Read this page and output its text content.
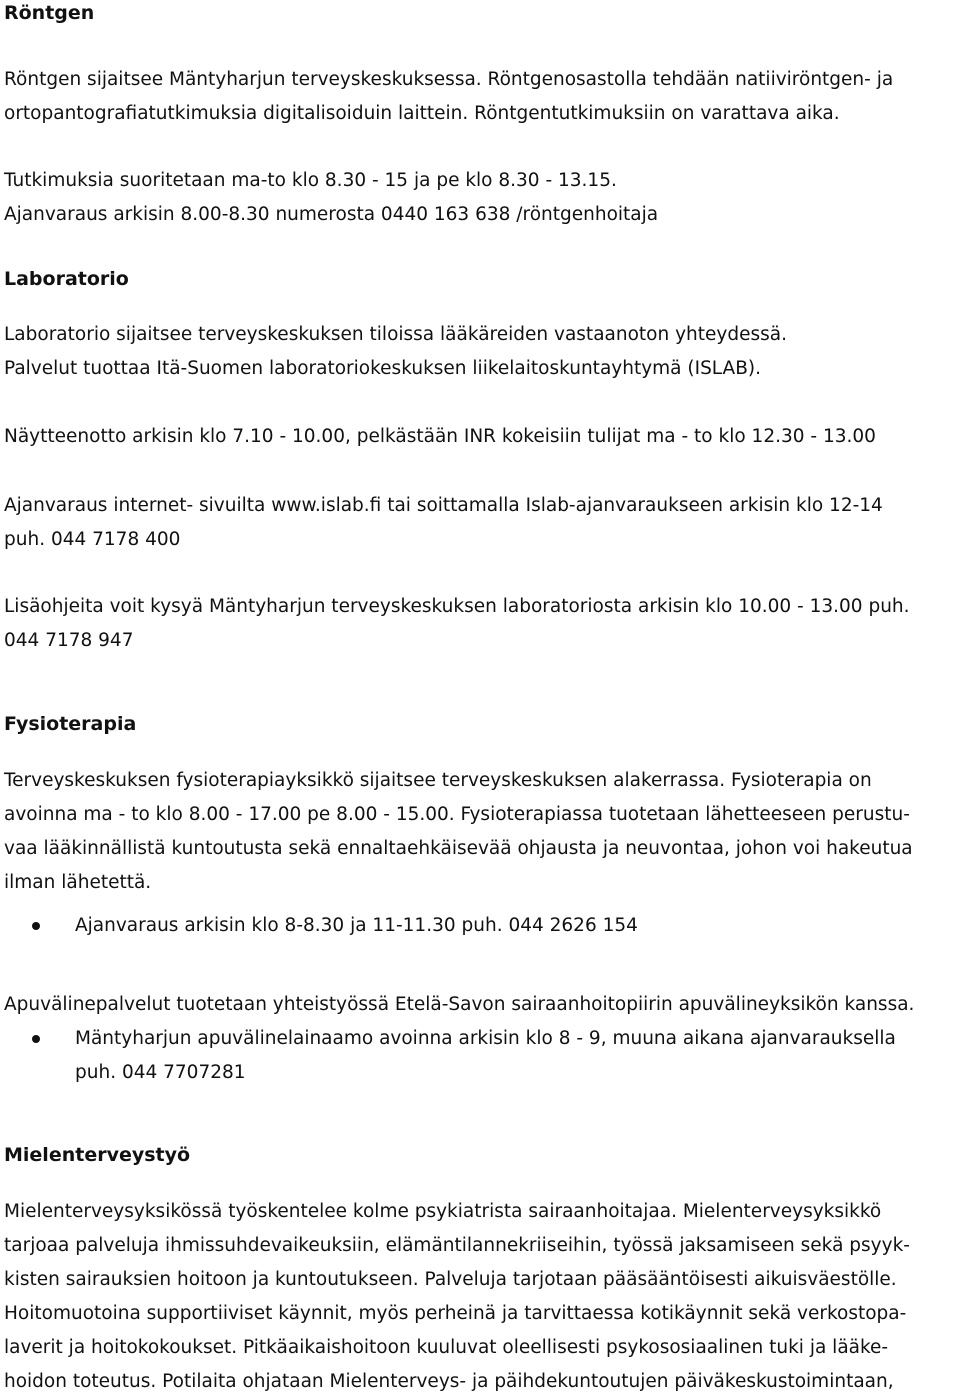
Röntgen
Röntgen sijaitsee Mäntyharjun terveyskeskuksessa. Röntgenosastolla tehdään natiiviröntgen- ja
ortopantografiatutkimuksia digitalisoiduin laittein. Röntgentutkimuksiin on varattava aika.
Tutkimuksia suoritetaan ma-to klo 8.30 - 15 ja pe klo 8.30 - 13.15.
Ajanvaraus arkisin 8.00-8.30 numerosta 0440 163 638 /röntgenhoitaja
Laboratorio
Laboratorio sijaitsee terveyskeskuksen tiloissa lääkäreiden vastaanoton yhteydessä.
Palvelut tuottaa Itä-Suomen laboratoriokeskuksen liikelaitoskuntayhtymä (ISLAB).
Näytteenotto arkisin klo 7.10 - 10.00, pelkästään INR kokeisiin tulijat ma - to klo 12.30 - 13.00
Ajanvaraus internet- sivuilta www.islab.fi tai soittamalla Islab-ajanvaraukseen arkisin klo 12-14
puh. 044 7178 400
Lisäohjeita voit kysyä Mäntyharjun terveyskeskuksen laboratoriosta arkisin klo 10.00 - 13.00 puh.
044 7178 947
Fysioterapia
Terveyskeskuksen fysioterapiayksikkö sijaitsee terveyskeskuksen alakerrassa. Fysioterapia on
avoinna ma - to klo 8.00 - 17.00 pe 8.00 - 15.00. Fysioterapiassa tuotetaan lähetteeseen perustu-
vaa lääkinnällistä kuntoutusta sekä ennaltaehkäisevää ohjausta ja neuvontaa, johon voi hakeutua
ilman lähetettä.
Ajanvaraus arkisin klo 8-8.30 ja 11-11.30 puh. 044 2626 154
Apuvälinepalvelut tuotetaan yhteistyössä Etelä-Savon sairaanhoitopiirin apuvälineyksikön kanssa.
Mäntyharjun apuvälinelainaamo avoinna arkisin klo 8 - 9, muuna aikana ajanvarauksella
puh. 044 7707281
Mielenterveystyö
Mielenterveysyksikössä työskentelee kolme psykiatrista sairaanhoitajaa. Mielenterveysyksikkö
tarjoaa palveluja ihmissuhdevaikeuksiin, elämäntilannekriiseihin, työssä jaksamiseen sekä psyyk-
kisten sairauksien hoitoon ja kuntoutukseen. Palveluja tarjotaan pääsääntöisesti aikuisväestölle.
Hoitomuotoina supportiiviset käynnit, myös perheinä ja tarvittaessa kotikäynnit sekä verkostopa-
laverit ja hoitokokoukset. Pitkäaikaishoitoon kuuluvat oleellisesti psykososiaalinen tuki ja lääke-
hoidon toteutus. Potilaita ohjataan Mielenterveys- ja päihdekuntoutujen päiväkeskustoimintaan,
